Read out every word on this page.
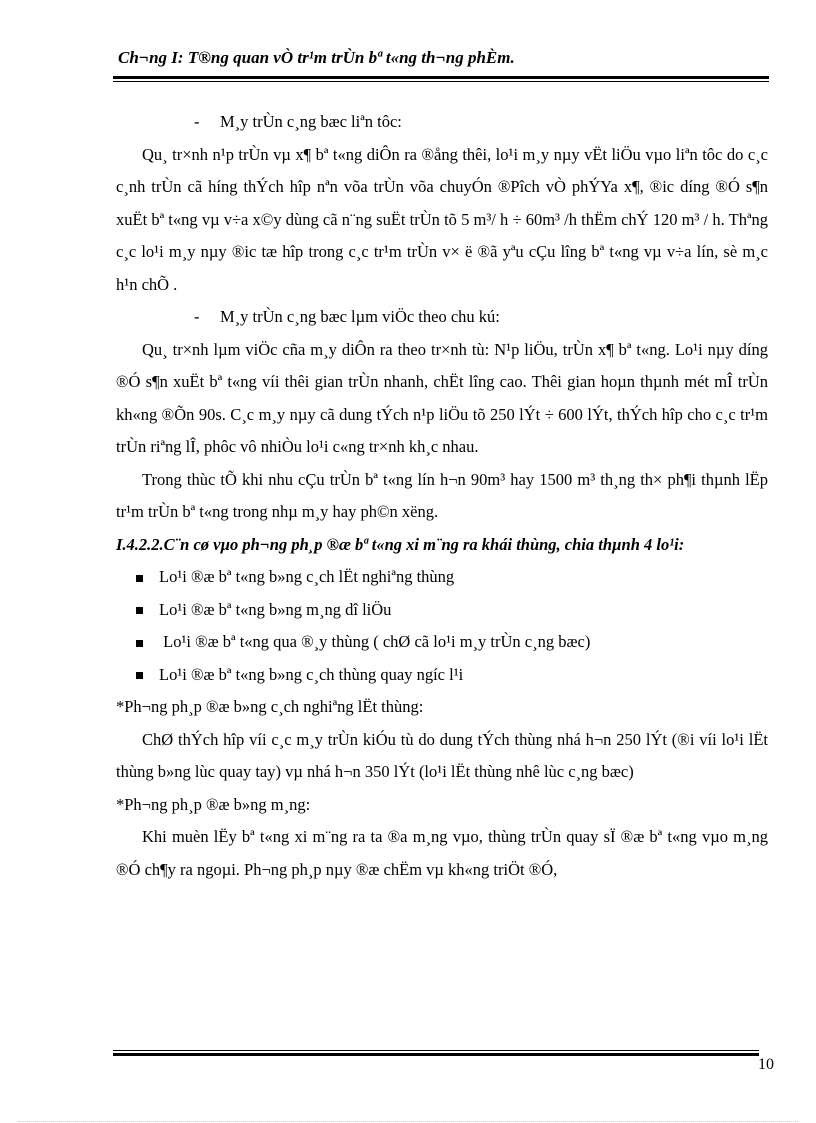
Ch¬ng I: T®ng quan vÒ tr¹m trÙn bª t«ng th¬ng phÈm.

- M¸y trÙn c¸ng bæc liªn tôc:

Qu¸ tr×nh n¹p trÙn vµ x¶ bª t«ng diÔn ra ®ång thêi, lo¹i m¸y nµy vËt liÖu vµo liªn tôc do c¸c c¸nh trÙn cã híng thÝch hîp nªn võa trÙn võa chuyÓn ®Pîch vÒ phÝYa x¶, ®ic díng ®Ó s¶n xuËt bª t«ng vµ v÷a x©y dùng cã n¨ng suËt trÙn tõ 5 m³/ h ÷ 60m³ /h thËm chÝ 120 m³ / h. Thªng c¸c lo¹i m¸y nµy ®ic tæ hîp trong c¸c tr¹m trÙn v× ë ®ã yªu cÇu lîng bª t«ng vµ v÷a lín, sè m¸c h¹n chÕ .

- M¸y trÙn c¸ng bæc lµm viÖc theo chu kú:

Qu¸ tr×nh lµm viÖc cña m¸y diÔn ra theo tr×nh tù: N¹p liÖu, trÙn x¶ bª t«ng. Lo¹i nµy díng ®Ó s¶n xuËt bª t«ng víi thêi gian trÙn nhanh, chËt lîng cao. Thêi gian hoµn thµnh mét mÎ trÙn kh«ng ®Õn 90s. C¸c m¸y nµy cã dung tÝch n¹p liÖu tõ 250 lÝt ÷ 600 lÝt, thÝch hîp cho c¸c tr¹m trÙn riªng lÎ, phôc vô nhiÒu lo¹i c«ng tr×nh kh¸c nhau.

Trong thùc tÕ khi nhu cÇu trÙn bª t«ng lín h¬n 90m³ hay 1500 m³ th¸ng th× ph¶i thµnh lËp tr¹m trÙn bª t«ng trong nhµ m¸y hay ph©n xëng.

I.4.2.2.C¨n cø vµo ph¬ng ph¸p ®æ bª t«ng xi m¨ng ra khái thùng, chia thµnh 4 lo¹i:

Lo¹i ®æ bª t«ng b»ng c¸ch lËt nghiªng thùng

Lo¹i ®æ bª t«ng b»ng m¸ng dî liÖu

Lo¹i ®æ bª t«ng qua ®¸y thùng ( chØ cã lo¹i m¸y trÙn c¸ng bæc)

Lo¹i ®æ bª t«ng b»ng c¸ch thùng quay ngíc l¹i

*Ph¬ng ph¸p ®æ b»ng c¸ch nghiªng lËt thùng:

ChØ thÝch hîp víi c¸c m¸y trÙn kiÓu tù do dung tÝch thùng nhá h¬n 250 lÝt (®i víi lo¹i lËt thùng b»ng lùc quay tay) vµ nhá h¬n 350 lÝt (lo¹i lËt thùng nhê lùc c¸ng bæc)

*Ph¬ng ph¸p ®æ b»ng m¸ng:

Khi muèn lËy bª t«ng xi m¨ng ra ta ®a m¸ng vµo, thùng trÙn quay sÏ ®æ bª t«ng vµo m¸ng ®Ó ch¶y ra ngoµi. Ph¬ng ph¸p nµy ®æ chËm vµ kh«ng triÖt ®Ó,

10
